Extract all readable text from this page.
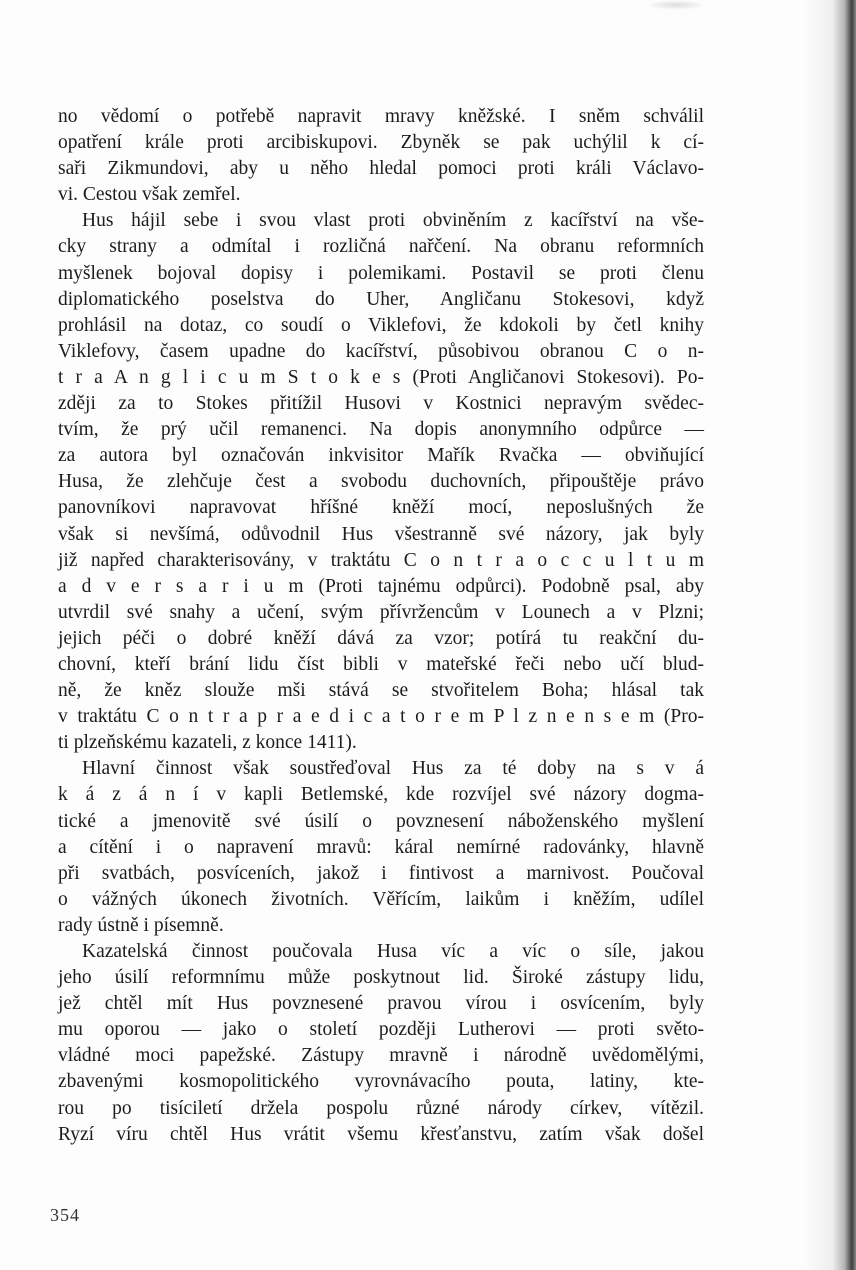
no vědomí o potřebě napravit mravy kněžské. I sněm schválil
opatření krále proti arcibiskupovi. Zbyněk se pak uchýlil k cí-
saři Zikmundovi, aby u něho hledal pomoci proti králi Václavo-
vi. Cestou však zemřel.
Hus hájil sebe i svou vlast proti obviněním z kacířství na vše-
cky strany a odmítal i rozličná nařčení. Na obranu reformních
myšlenek bojoval dopisy i polemikami. Postavil se proti členu
diplomatického poselstva do Uher, Angličanu Stokesovi, když
prohlásil na dotaz, co soudí o Viklefovi, že kdokoli by četl knihy
Viklefovy, časem upadne do kacířství, působivou obranou C o n-
t r a A n g l i c u m S t o k e s (Proti Angličanovi Stokesovi). Po-
zději za to Stokes přitížil Husovi v Kostnici nepravým svědec-
tvím, že prý učil remanenci. Na dopis anonymního odpůrce —
za autora byl označován inkvisitor Mařík Rvačka — obviňující
Husa, že zlehčuje čest a svobodu duchovních, připouštěje právo
panovníkovi napravovat hříšné kněží mocí, neposlušných že
však si nevšímá, odůvodnil Hus všestranně své názory, jak byly
již napřed charakterisovány, v traktátu C o n t r a o c c u l t u m
a d v e r s a r i u m (Proti tajnému odpůrci). Podobně psal, aby
utvrdil své snahy a učení, svým přívržencům v Lounech a v Plzni;
jejich péči o dobré kněží dává za vzor; potírá tu reakční du-
chovní, kteří brání lidu číst bibli v mateřské řeči nebo učí blud-
ně, že kněz slouže mši stává se stvořitelem Boha; hlásal tak
v traktátu C o n t r a p r a e d i c a t o r e m P l z n e n s e m (Pro-
ti plzeňskému kazateli, z konce 1411).
Hlavní činnost však soustřeďoval Hus za té doby na s v á
k á z á n í v kapli Betlemské, kde rozvíjel své názory dogma-
tické a jmenovitě své úsilí o povznesení náboženského myšlení
a cítění i o napravení mravů: káral nemírné radovánky, hlavně
při svatbách, posvíceních, jakož i fintivost a marnivost. Poučoval
o vážných úkonech životních. Věřícím, laikům i kněžím, udílel
rady ústně i písemně.
Kazatelská činnost poučovala Husa víc a víc o síle, jakou
jeho úsilí reformnímu může poskytnout lid. Široké zástupy lidu,
jež chtěl mít Hus povznesené pravou vírou i osvícením, byly
mu oporou — jako o století později Lutherovi — proti světo-
vládné moci papežské. Zástupy mravně i národně uvědomělými,
zbavenými kosmopolitického vyrovnávacího pouta, latiny, kte-
rou po tisíciletí držela pospolu různé národy církev, vítězil.
Ryzí víru chtěl Hus vrátit všemu křesťanstvu, zatím však došel
354
